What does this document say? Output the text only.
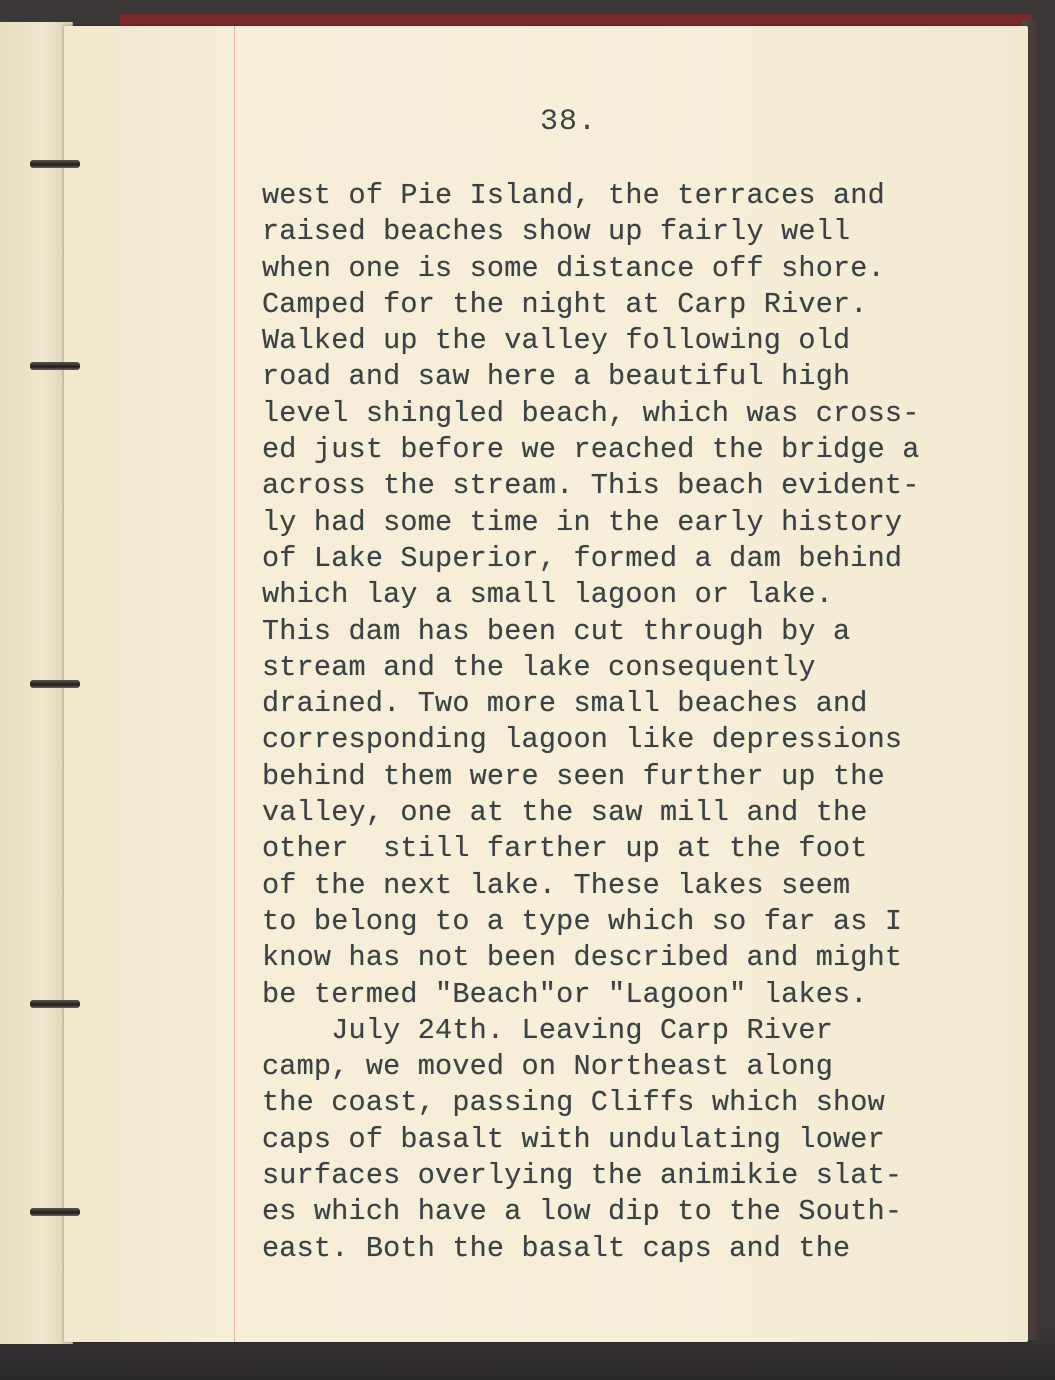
38.
west of Pie Island, the terraces and
raised beaches show up fairly well
when one is some distance off shore.
Camped for the night at Carp River.
Walked up the valley following old
road and saw here a beautiful high
level shingled beach, which was cross-
ed just before we reached the bridge a
across the stream. This beach evident-
ly had some time in the early history
of Lake Superior, formed a dam behind
which lay a small lagoon or lake.
This dam has been cut through by a
stream and the lake consequently
drained. Two more small beaches and
corresponding lagoon like depressions
behind them were seen further up the
valley, one at the saw mill and the
other  still farther up at the foot
of the next lake. These lakes seem
to belong to a type which so far as I
know has not been described and might
be termed "Beach"or "Lagoon" lakes.
July 24th. Leaving Carp River
camp, we moved on Northeast along
the coast, passing Cliffs which show
caps of basalt with undulating lower
surfaces overlying the animikie slat-
es which have a low dip to the South-
east. Both the basalt caps and the
